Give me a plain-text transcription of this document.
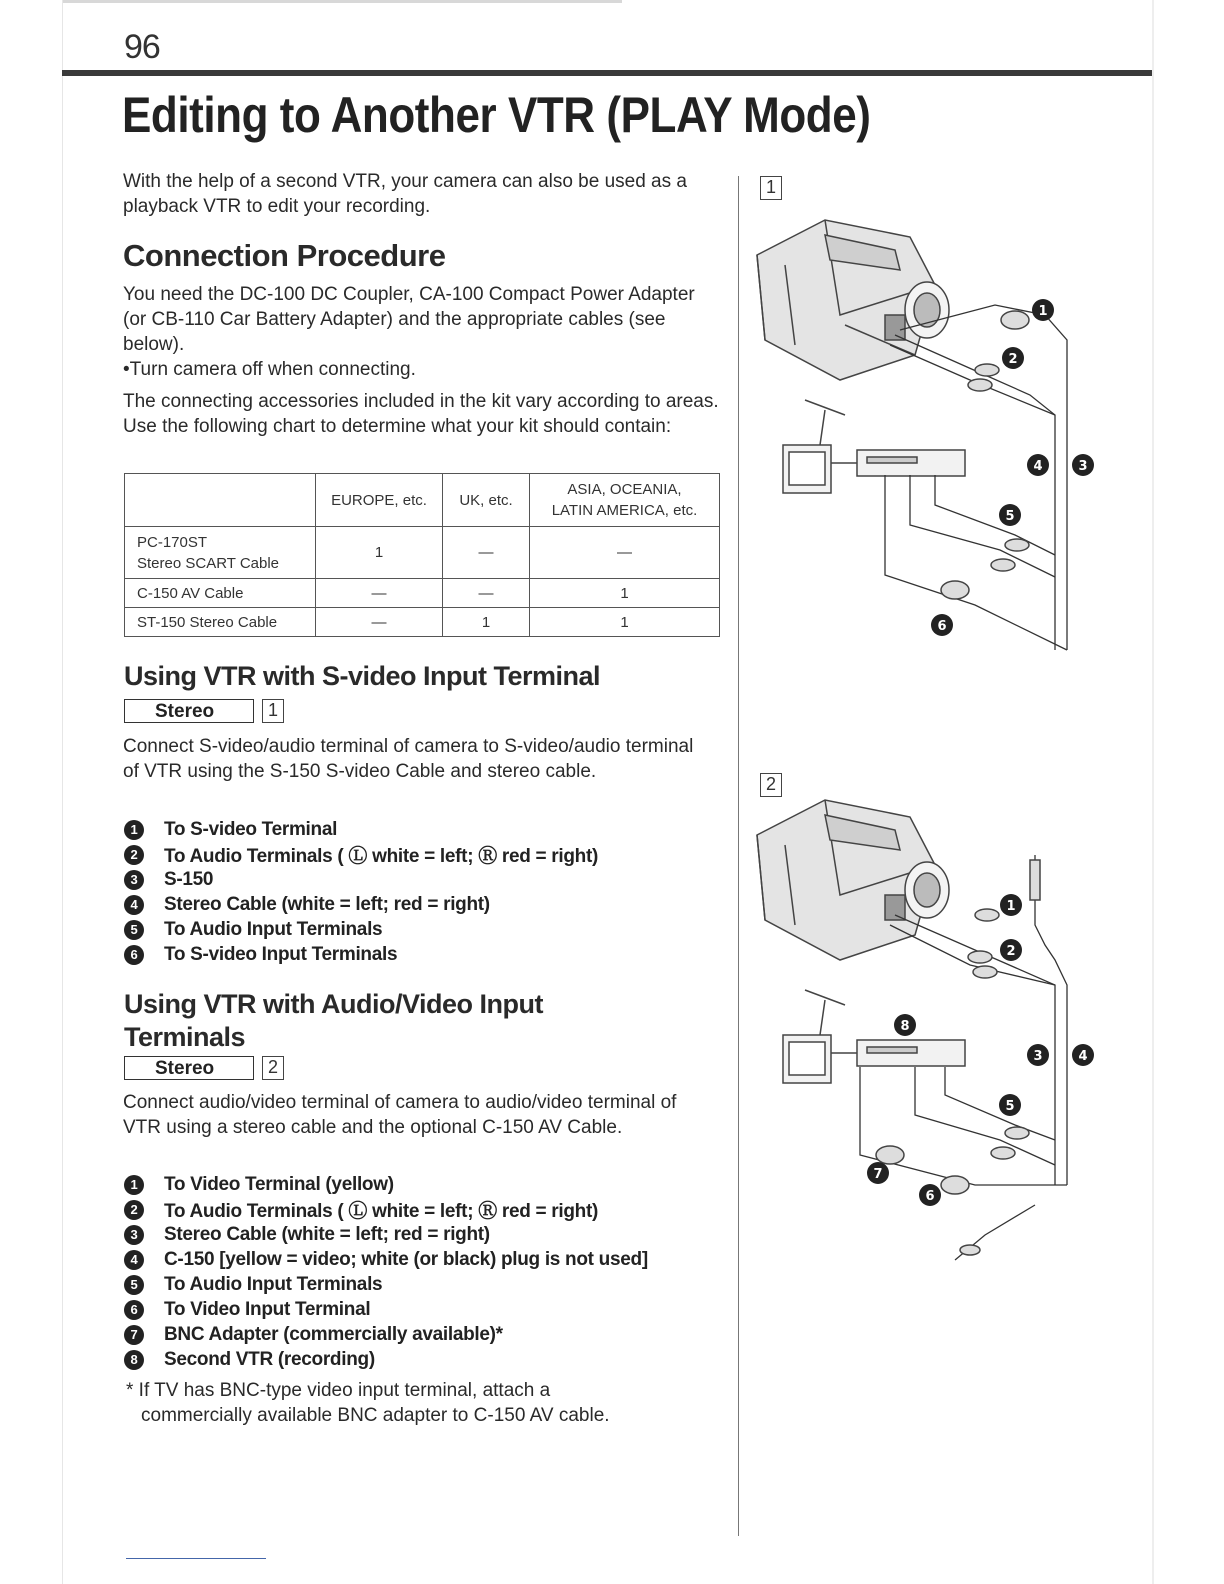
96
Editing to Another VTR (PLAY Mode)
With the help of a second VTR, your camera can also be used as a playback VTR to edit your recording.
Connection Procedure
You need the DC-100 DC Coupler, CA-100 Compact Power Adapter (or CB-110 Car Battery Adapter) and the appropriate cables (see below).
•Turn camera off when connecting.
The connecting accessories included in the kit vary according to areas. Use the following chart to determine what your kit should contain:
	EUROPE, etc.	UK, etc.	ASIA, OCEANIA,
LATIN AMERICA, etc.

PC-170ST
Stereo SCART Cable	1	—	—
C-150 AV Cable	—	—	1
ST-150 Stereo Cable	—	1	1
Using VTR with S-video Input Terminal
Stereo	1
Connect S-video/audio terminal of camera to S-video/audio terminal of VTR using the S-150 S-video Cable and stereo cable.
1	To S-video Terminal
2	To Audio Terminals ( Ⓛ white = left; Ⓡ red = right)
3	S-150
4	Stereo Cable (white = left; red = right)
5	To Audio Input Terminals
6	To S-video Input Terminals
Using VTR with Audio/Video Input
Terminals
Stereo	2
Connect audio/video terminal of camera to audio/video terminal of VTR using a stereo cable and the optional C-150 AV Cable.
1	To Video Terminal (yellow)
2	To Audio Terminals ( Ⓛ white = left; Ⓡ red = right)
3	Stereo Cable (white = left; red = right)
4	C-150 [yellow = video; white (or black) plug is not used]
5	To Audio Input Terminals
6	To Video Input Terminal
7	BNC Adapter (commercially available)*
8	Second VTR (recording)
* If TV has BNC-type video input terminal, attach a
commercially available BNC adapter to C-150 AV cable.
1
1
2
3
4
5
6
2
1
2
3	4
5
6
7
8
